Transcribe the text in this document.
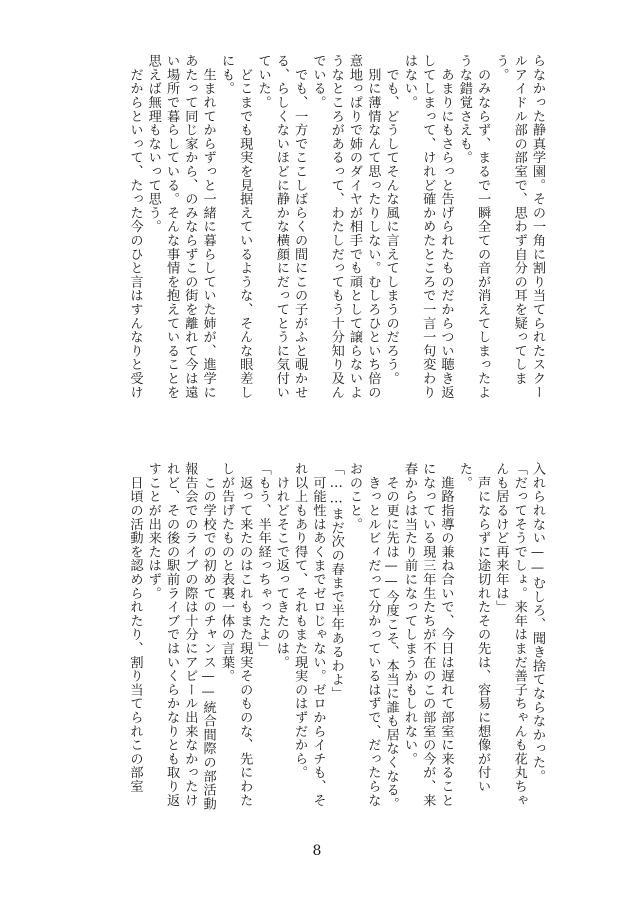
らなかった静真学園。その一角に割り当てられたスクー
ルアイドル部の部室で、思わず自分の耳を疑ってしま
う。
　のみならず、まるで一瞬全ての音が消えてしまったよ
うな錯覚さえも。
　あまりにもさらっと告げられたものだからつい聴き返
してしまって、けれど確かめたところで一言一句変わり
はない。
　でも、どうしてそんな風に言えてしまうのだろう。
　別に薄情なんて思ったりしない。むしろひといち倍の
意地っぱりで姉のダイヤが相手でも頑として譲らないよ
うなところがあるって、わたしだってもう十分知り及ん
でいる。
　でも、一方でここしばらくの間にこの子がふと覗かせ
る、らしくないほどに静かな横顔にだってとうに気付い
ていた。
　どこまでも現実を見据えているような、そんな眼差し
にも。
　生まれてからずっと一緒に暮らしていた姉が、進学に
あたって同じ家から、のみならずこの街を離れて今は遠
い場所で暮らしている。そんな事情を抱えていることを
思えば無理もないって思う。
　だからといって、たった今のひと言はすんなりと受け
入れられない——むしろ、聞き捨てならなかった。
「だってそうでしょ。来年はまだ善子ちゃんも花丸ちゃ
んも居るけど再来年は」
　声にならずに途切れたその先は、容易に想像が付い
た。
　進路指導の兼ね合いで、今日は遅れて部室に来ること
になっている現三年生たちが不在のこの部室の今が、来
春からは当たり前になってしまうかもしれない。
　その更に先は——今度こそ、本当に誰も居なくなる。
　きっとルビィだって分かっているはずで、だったらな
おのこと。
「……まだ次の春まで半年あるわよ」
　可能性はあくまでゼロじゃない。ゼロからイチも、そ
れ以上もあり得て、それもまた現実のはずだから。
　けれどそこで返ってきたのは。
「もう、半年経っちゃったよ」
　返って来たのはこれもまた現実そのものな、先にわた
しが告げたものと表裏一体の言葉。
　この学校での初めてのチャンス——統合間際の部活動
報告会でのライブの際は十分にアピール出来なかったけ
れど、その後の駅前ライブではいくらかなりとも取り返
すことが出来たはず。
　日頃の活動を認められたり、割り当てられこの部室
8
